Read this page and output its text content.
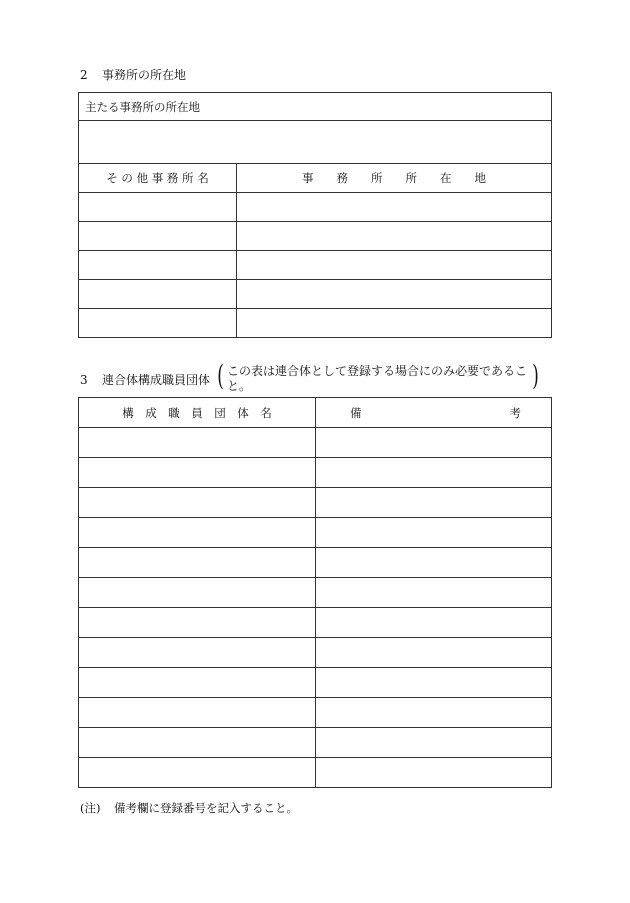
2 事務所の所在地
主たる事務所の所在地	

そ の 他 事 務 所 名	事　　務　　所　　所　　在　　地

3 連合体構成職員団体 ( この表は連合体として登録する場合にのみ必要であること。	)
構　成　職　員　団　体　名	備 考

(注) 備考欄に登録番号を記入すること。
